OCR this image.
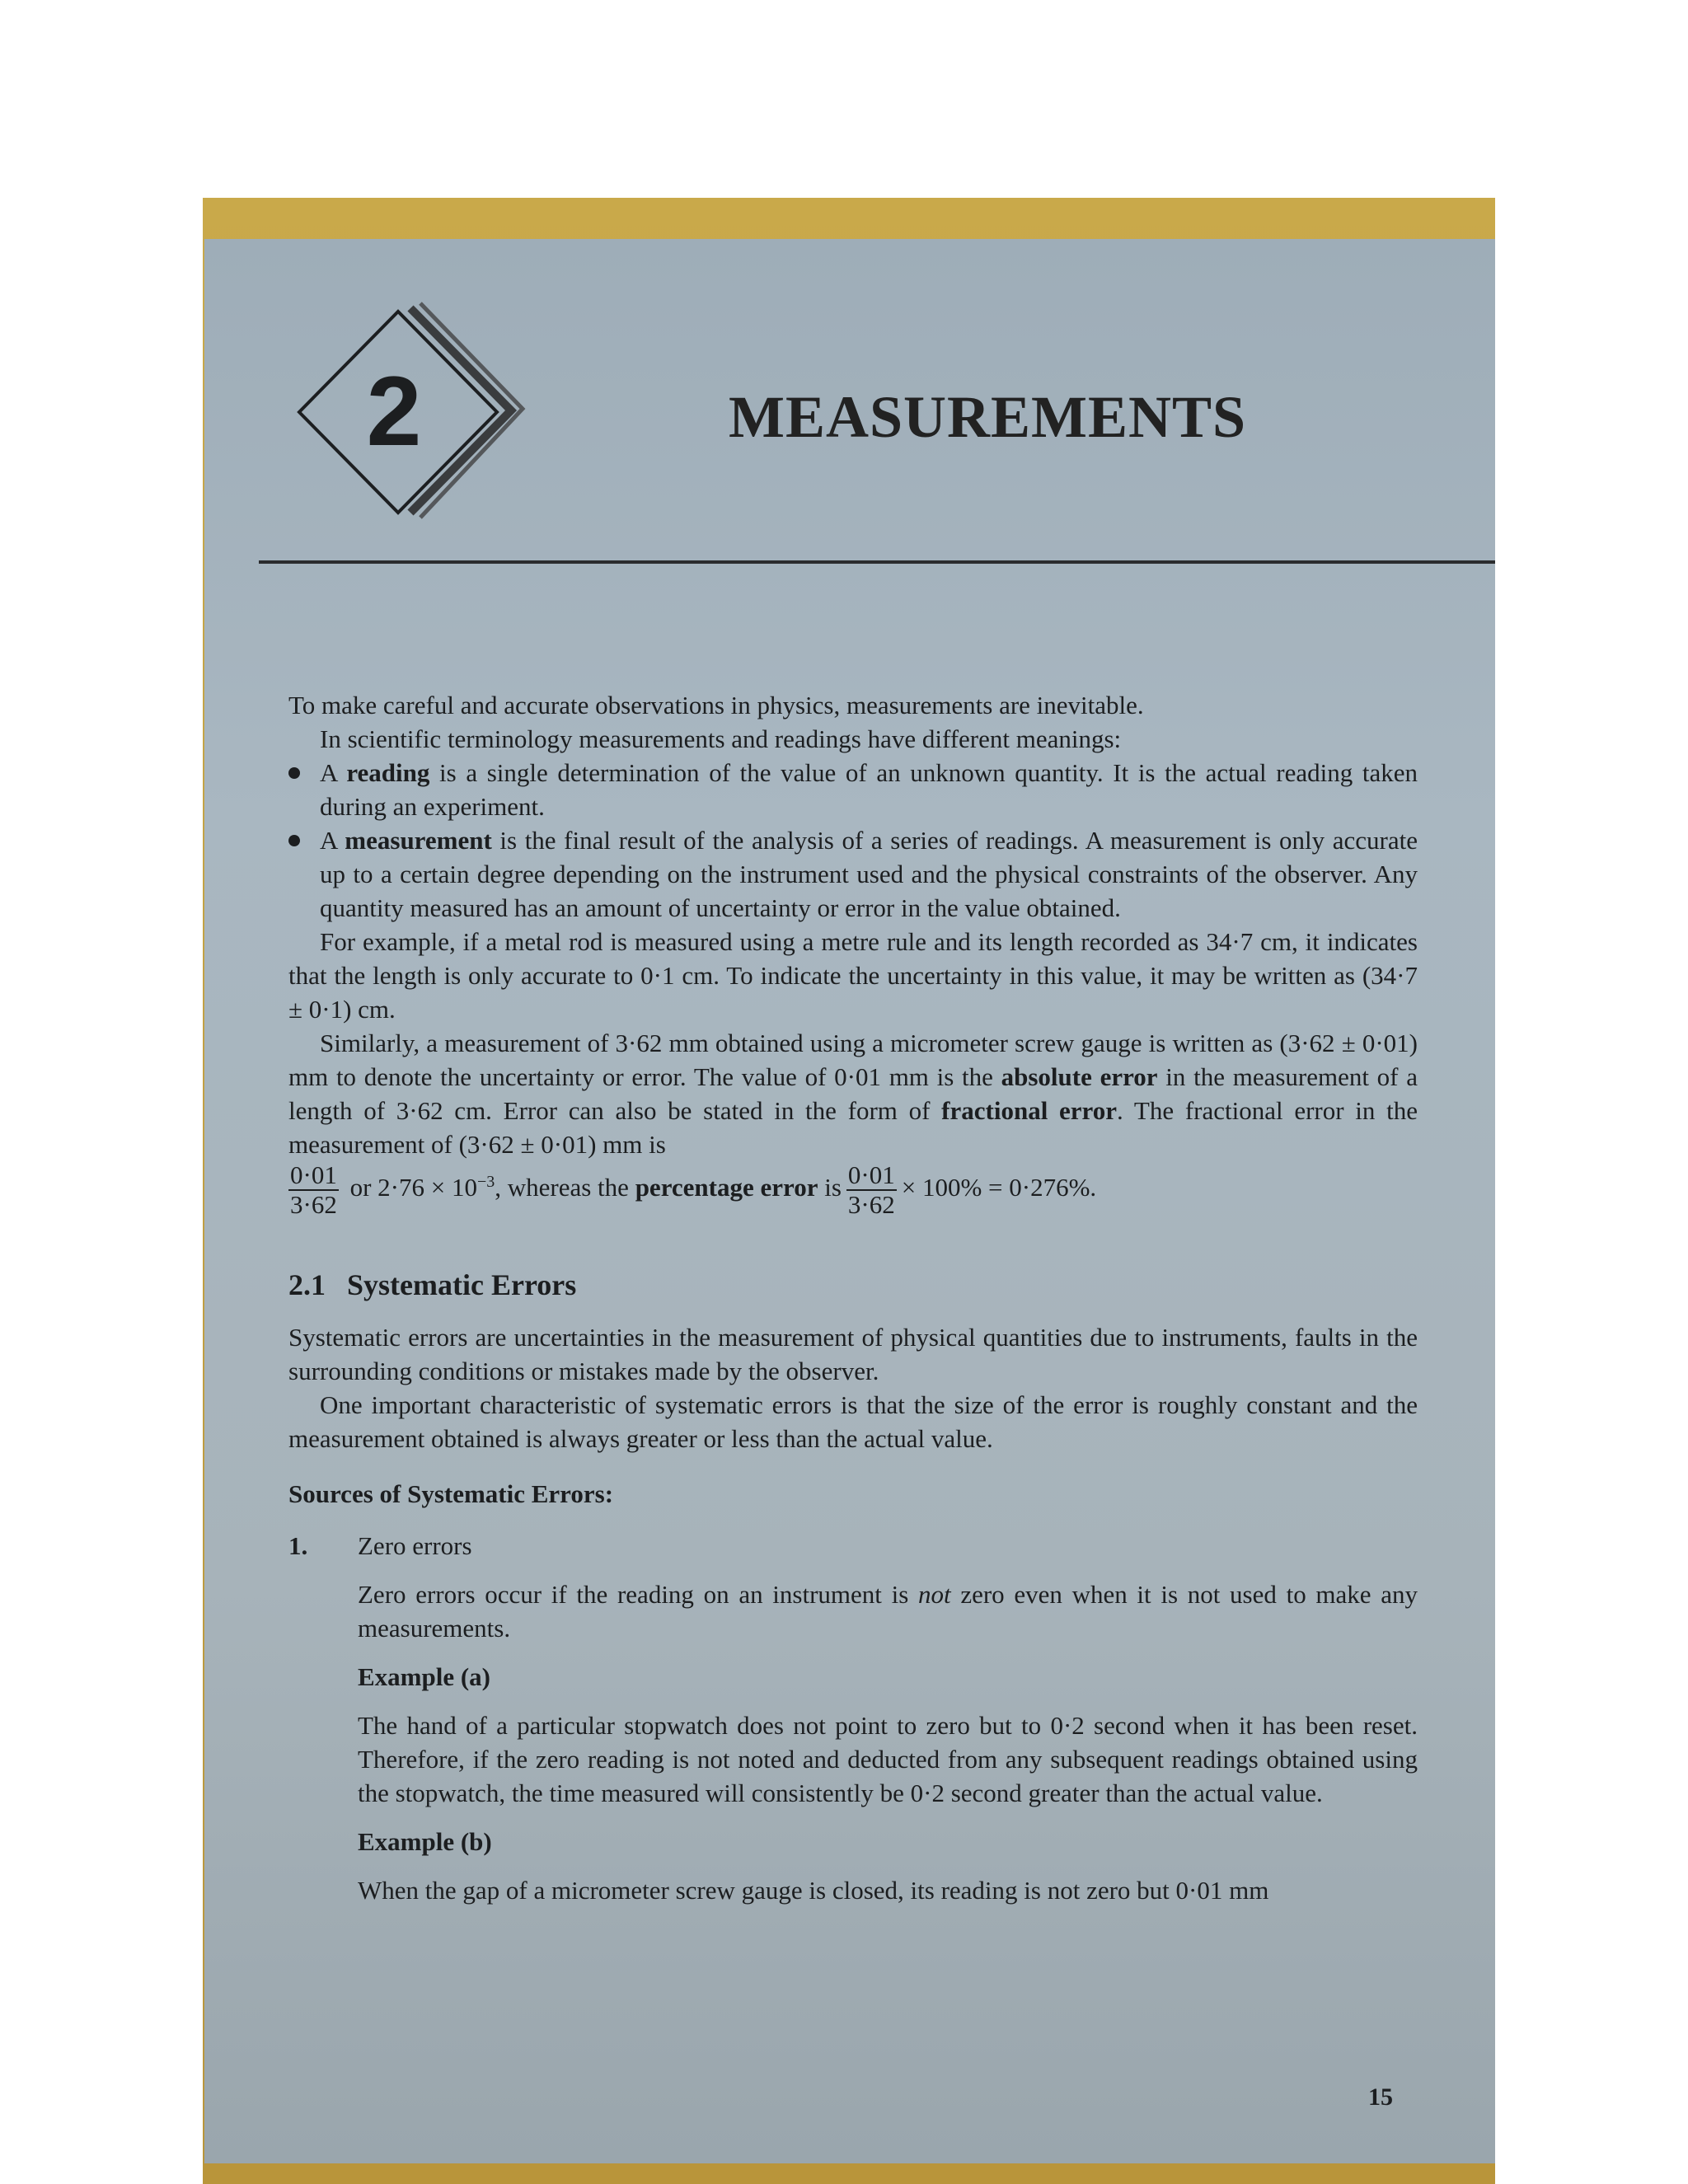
2	MEASUREMENTS

To make careful and accurate observations in physics, measurements are inevitable.

In scientific terminology measurements and readings have different meanings:

A reading is a single determination of the value of an unknown quantity. It is the actual reading taken during an experiment.

A measurement is the final result of the analysis of a series of readings. A measurement is only accurate up to a certain degree depending on the instrument used and the physical constraints of the observer. Any quantity measured has an amount of uncertainty or error in the value obtained.

For example, if a metal rod is measured using a metre rule and its length recorded as 34·7 cm, it indicates that the length is only accurate to 0·1 cm. To indicate the uncertainty in this value, it may be written as (34·7 ± 0·1) cm.

Similarly, a measurement of 3·62 mm obtained using a micrometer screw gauge is written as (3·62 ± 0·01) mm to denote the uncertainty or error. The value of 0·01 mm is the absolute error in the measurement of a length of 3·62 cm. Error can also be stated in the form of fractional error. The fractional error in the measurement of (3·62 ± 0·01) mm is

$\frac{0\cdot 01}{3\cdot 62}$ or $2\cdot 76 \times 10^{-3}$, whereas the percentage error is $\frac{0\cdot 01}{3\cdot 62} \times 100\% = 0\cdot 276\%$.

2.1 Systematic Errors

Systematic errors are uncertainties in the measurement of physical quantities due to instruments, faults in the surrounding conditions or mistakes made by the observer.

One important characteristic of systematic errors is that the size of the error is roughly constant and the measurement obtained is always greater or less than the actual value.

Sources of Systematic Errors:

1. Zero errors

Zero errors occur if the reading on an instrument is not zero even when it is not used to make any measurements.

Example (a)

The hand of a particular stopwatch does not point to zero but to 0·2 second when it has been reset. Therefore, if the zero reading is not noted and deducted from any subsequent readings obtained using the stopwatch, the time measured will consistently be 0·2 second greater than the actual value.

Example (b)

When the gap of a micrometer screw gauge is closed, its reading is not zero but 0·01 mm

15
